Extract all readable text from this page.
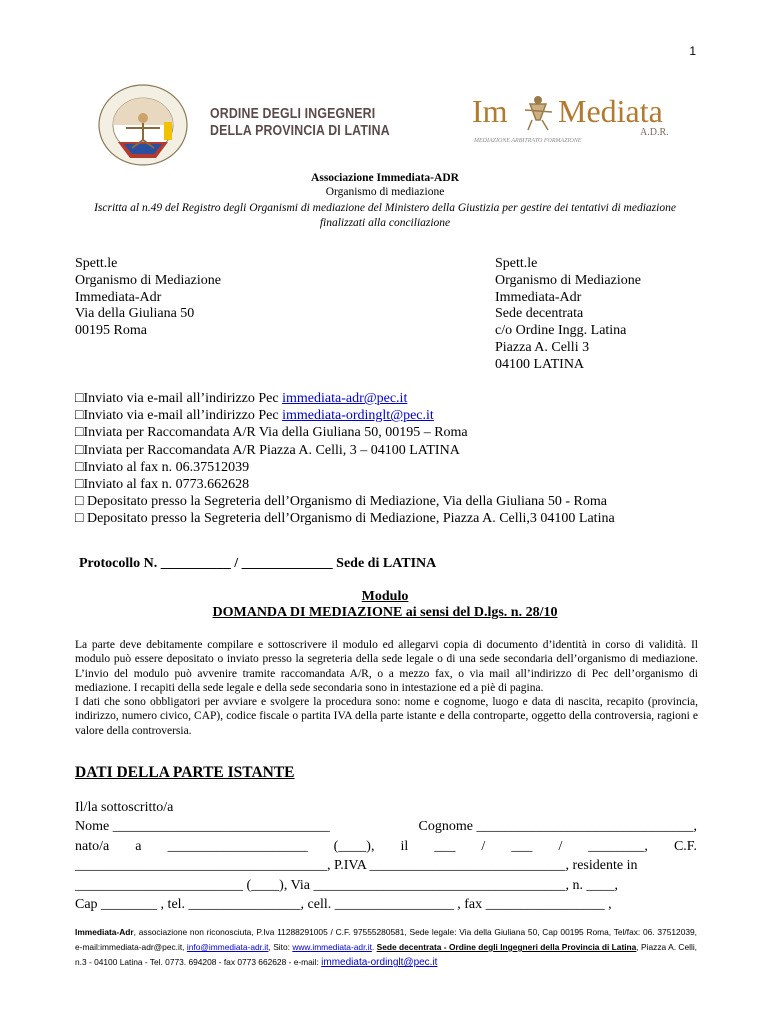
1
ORDINE DEGLI INGEGNERI
DELLA PROVINCIA DI LATINA
Im Mediata
A.D.R.
MEDIAZIONE ARBITRATO FORMAZIONE
Associazione Immediata-ADR
Organismo di mediazione
Iscritta al n.49 del Registro degli Organismi di mediazione del Ministero della Giustizia per gestire dei tentativi di mediazione finalizzati alla conciliazione
Spett.le
Organismo di Mediazione
Immediata-Adr
Via della Giuliana 50
00195 Roma
Spett.le
Organismo di Mediazione
Immediata-Adr
Sede decentrata
c/o Ordine Ingg. Latina
Piazza A. Celli 3
04100 LATINA
□Inviato via e-mail all’indirizzo Pec immediata-adr@pec.it
□Inviato via e-mail all’indirizzo Pec immediata-ordinglt@pec.it
□Inviata per Raccomandata A/R Via della Giuliana 50, 00195 – Roma
□Inviata per Raccomandata A/R Piazza A. Celli, 3 – 04100 LATINA
□Inviato al fax n. 06.37512039
□Inviato al fax n. 0773.662628
□ Depositato presso la Segreteria dell’Organismo di Mediazione, Via della Giuliana 50 - Roma
□ Depositato presso la Segreteria dell’Organismo di Mediazione, Piazza A. Celli,3 04100 Latina
Protocollo N. __________ / _____________ Sede di LATINA
Modulo
DOMANDA DI MEDIAZIONE ai sensi del D.lgs. n. 28/10

La parte deve debitamente compilare e sottoscrivere il modulo ed allegarvi copia di documento d’identità in corso di validità. Il modulo può essere depositato o inviato presso la segreteria della sede legale o di una sede secondaria dell’organismo di mediazione. L’invio del modulo può avvenire tramite raccomandata A/R, o a mezzo fax, o via mail all’indirizzo di Pec dell’organismo di mediazione. I recapiti della sede legale e della sede secondaria sono in intestazione ed a piè di pagina.

I dati che sono obbligatori per avviare e svolgere la procedura sono: nome e cognome, luogo e data di nascita, recapito (provincia, indirizzo, numero civico, CAP), codice fiscale o partita IVA della parte istante e della controparte, oggetto della controversia, ragioni e valore della controversia.

DATI DELLA PARTE ISTANTE
Il/la sottoscritto/a
Nome _______________________________	Cognome _______________________________,
nato/a a ____________________ (____), il ___ / ___ / ________, C.F.
____________________________________, P.IVA ____________________________, residente in
________________________ (____), Via ____________________________________, n. ____,
Cap ________ , tel. ________________, cell. _________________ , fax _________________ ,
Immediata-Adr, associazione non riconosciuta, P.Iva 11288291005 / C.F. 97555280581, Sede legale: Via della Giuliana 50, Cap 00195 Roma, Tel/fax: 06. 37512039, e-mail:immediata-adr@pec.it, info@immediata-adr.it, Sito: www.immediata-adr.it. Sede decentrata - Ordine degli Ingegneri della Provincia di Latina, Piazza A. Celli, n.3 - 04100 Latina - Tel. 0773. 694208 - fax 0773 662628 - e-mail: immediata-ordinglt@pec.it
